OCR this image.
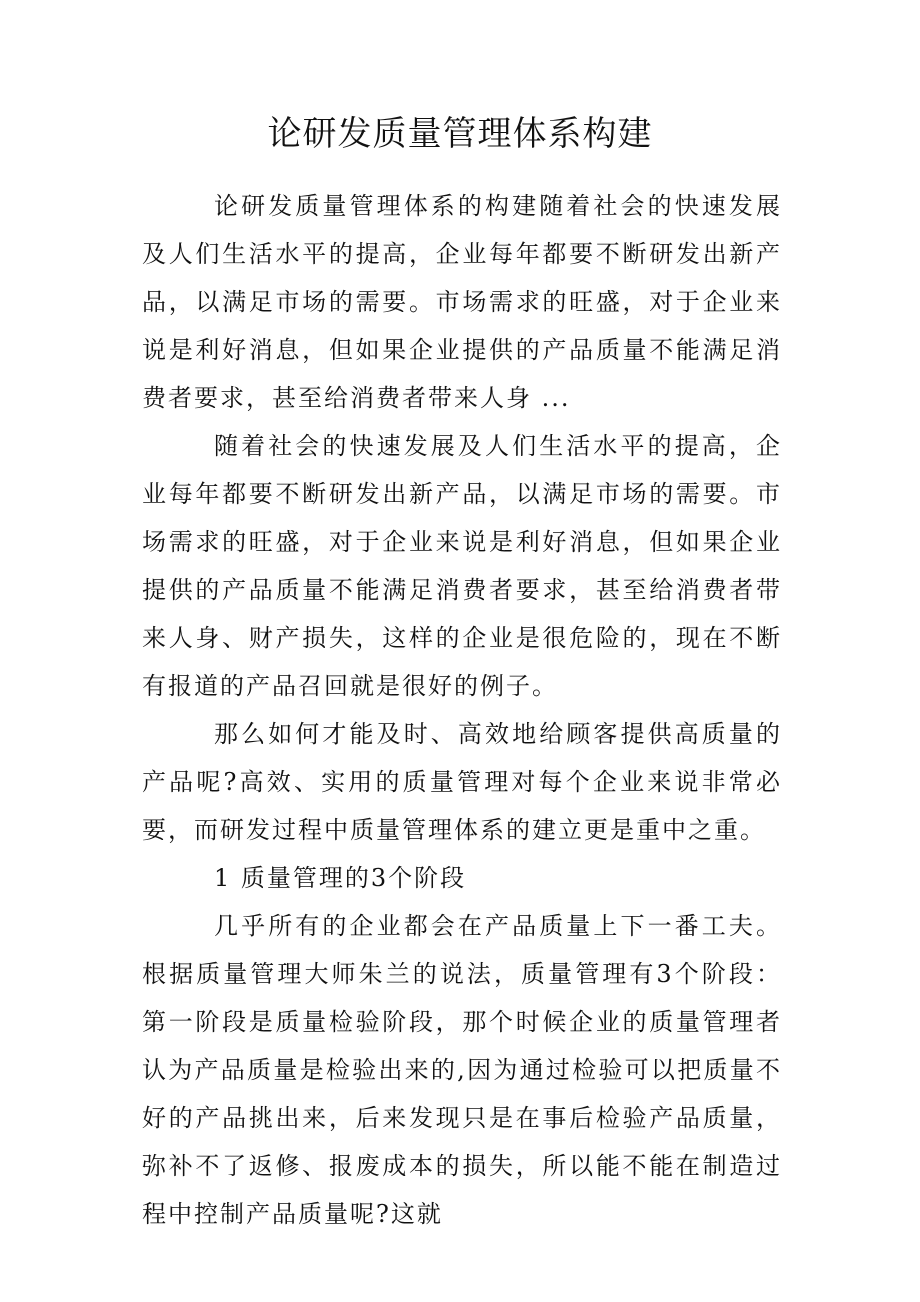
论研发质量管理体系构建

论研发质量管理体系的构建随着社会的快速发展及人们生活水平的提高，企业每年都要不断研发出新产品，以满足市场的需要。市场需求的旺盛，对于企业来说是利好消息，但如果企业提供的产品质量不能满足消费者要求，甚至给消费者带来人身 ...

随着社会的快速发展及人们生活水平的提高，企业每年都要不断研发出新产品，以满足市场的需要。市场需求的旺盛，对于企业来说是利好消息，但如果企业提供的产品质量不能满足消费者要求，甚至给消费者带来人身、财产损失，这样的企业是很危险的，现在不断有报道的产品召回就是很好的例子。

那么如何才能及时、高效地给顾客提供高质量的产品呢?高效、实用的质量管理对每个企业来说非常必要，而研发过程中质量管理体系的建立更是重中之重。

1 质量管理的3个阶段

几乎所有的企业都会在产品质量上下一番工夫。根据质量管理大师朱兰的说法，质量管理有3个阶段：第一阶段是质量检验阶段，那个时候企业的质量管理者认为产品质量是检验出来的,因为通过检验可以把质量不好的产品挑出来，后来发现只是在事后检验产品质量，弥补不了返修、报废成本的损失，所以能不能在制造过程中控制产品质量呢?这就
